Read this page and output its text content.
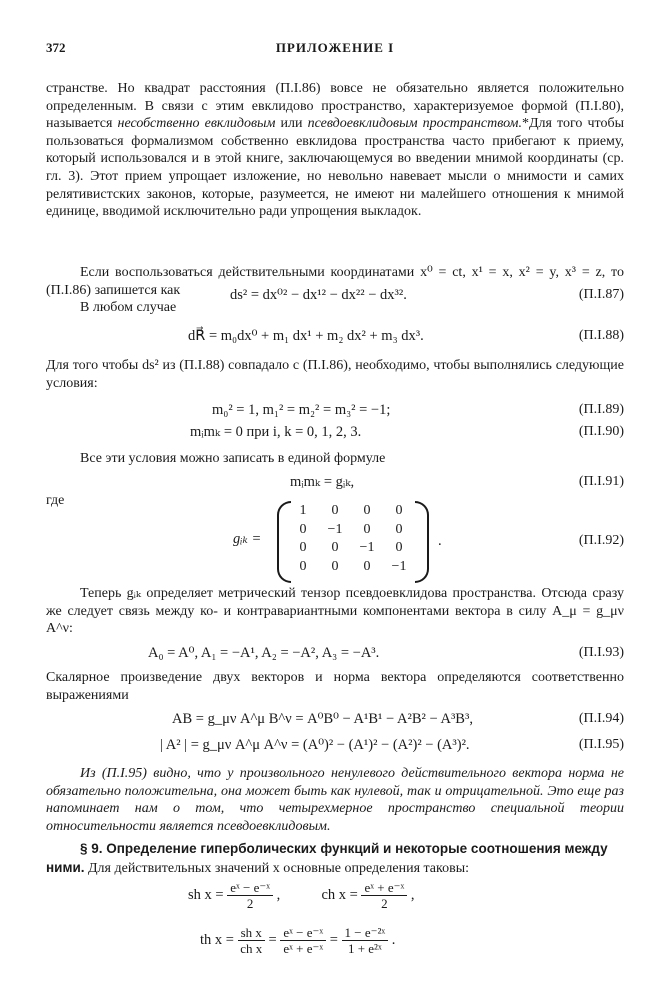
372	ПРИЛОЖЕНИЕ I
странстве. Но квадрат расстояния (П.I.86) вовсе не обязательно является положительно определенным. В связи с этим евклидово пространство, характеризуемое формой (П.I.80), называется несобственно евклидовым или псевдоевклидовым пространством.*Для того чтобы пользоваться формализмом собственно евклидова пространства часто прибегают к приему, который использовался и в этой книге, заключающемуся во введении мнимой координаты (ср. гл. 3). Этот прием упрощает изложение, но невольно навевает мысли о мнимости и самих релятивистских законов, которые, разумеется, не имеют ни малейшего отношения к мнимой единице, вводимой исключительно ради упрощения выкладок.
Если воспользоваться действительными координатами x⁰ = ct, x¹ = x, x² = y, x³ = z, то (П.I.86) запишется как	ds² = dx⁰² − dx¹² − dx²² − dx³².	(П.I.87)
В любом случае
dR⃗ = m₀dx⁰ + m₁ dx¹ + m₂ dx² + m₃ dx³.	(П.I.88)
Для того чтобы ds² из (П.I.88) совпадало с (П.I.86), необходимо, чтобы выполнялись следующие условия:
m₀² = 1, m₁² = m₂² = m₃² = −1;	(П.I.89)
mᵢmₖ = 0 при i, k = 0, 1, 2, 3.	(П.I.90)
Все эти условия можно записать в единой формуле
mᵢmₖ = gᵢₖ,	(П.I.91)
где
gᵢₖ =
1	0	0	0
0	−1	0	0
0	0	−1	0
0	0	0	−1
.	(П.I.92)
Теперь gᵢₖ определяет метрический тензор псевдоевклидова пространства. Отсюда сразу же следует связь между ко- и контравариантными компонентами вектора в силу A_μ = g_μν A^ν:
A₀ = A⁰, A₁ = −A¹, A₂ = −A², A₃ = −A³.	(П.I.93)
Скалярное произведение двух векторов и норма вектора определяются соответственно выражениями
AB = g_μν A^μ B^ν = A⁰B⁰ − A¹B¹ − A²B² − A³B³,	(П.I.94)
| A² | = g_μν A^μ A^ν = (A⁰)² − (A¹)² − (A²)² − (A³)².	(П.I.95)
Из (П.I.95) видно, что у произвольного ненулевого действительного вектора норма не обязательно положительна, она может быть как нулевой, так и отрицательной. Это еще раз напоминает нам о том, что четырехмерное пространство специальной теории относительности является псевдоевклидовым.
§ 9. Определение гиперболических функций и некоторые соотношения между ними. Для действительных значений x основные определения таковы:
sh $x = \frac{\text{eˣ − e⁻ˣ}}{2}$ ,	ch $x = \frac{\text{eˣ + e⁻ˣ}}{2}$ ,
th $x = \frac{\text{sh x}}{\text{ch x}} = \frac{\text{eˣ − e⁻ˣ}}{\text{eˣ + e⁻ˣ}} = \frac{\text{1 − e⁻²ˣ}}{\text{1 + e²ˣ}}$ .
